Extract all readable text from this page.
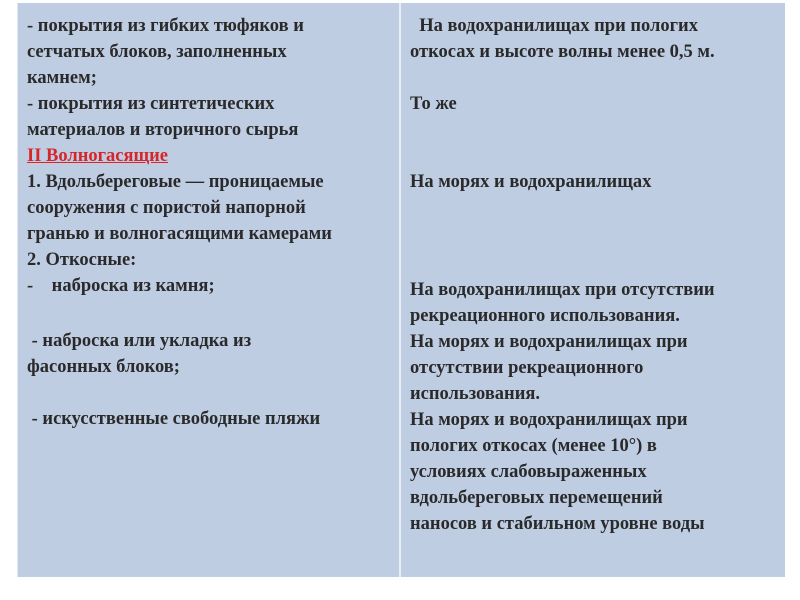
- покрытия из гибких тюфяков и
сетчатых блоков, заполненных
камнем;
- покрытия из синтетических
материалов и вторичного сырья
II Волногасящие
1. Вдольбереговые — проницаемые
сооружения с пористой напорной
гранью и волногасящими камерами
2. Откосные:
-    наброска из камня;
- наброска или укладка из
фасонных блоков;
- искусственные свободные пляжи
На водохранилищах при пологих
откосах и высоте волны менее 0,5 м.
То же
На морях и водохранилищах
На водохранилищах при отсутствии
рекреационного использования.
На морях и водохранилищах при
отсутствии рекреационного
использования.
На морях и водохранилищах при
пологих откосах (менее 10°) в
условиях слабовыраженных
вдольбереговых перемещений
наносов и стабильном уровне воды
